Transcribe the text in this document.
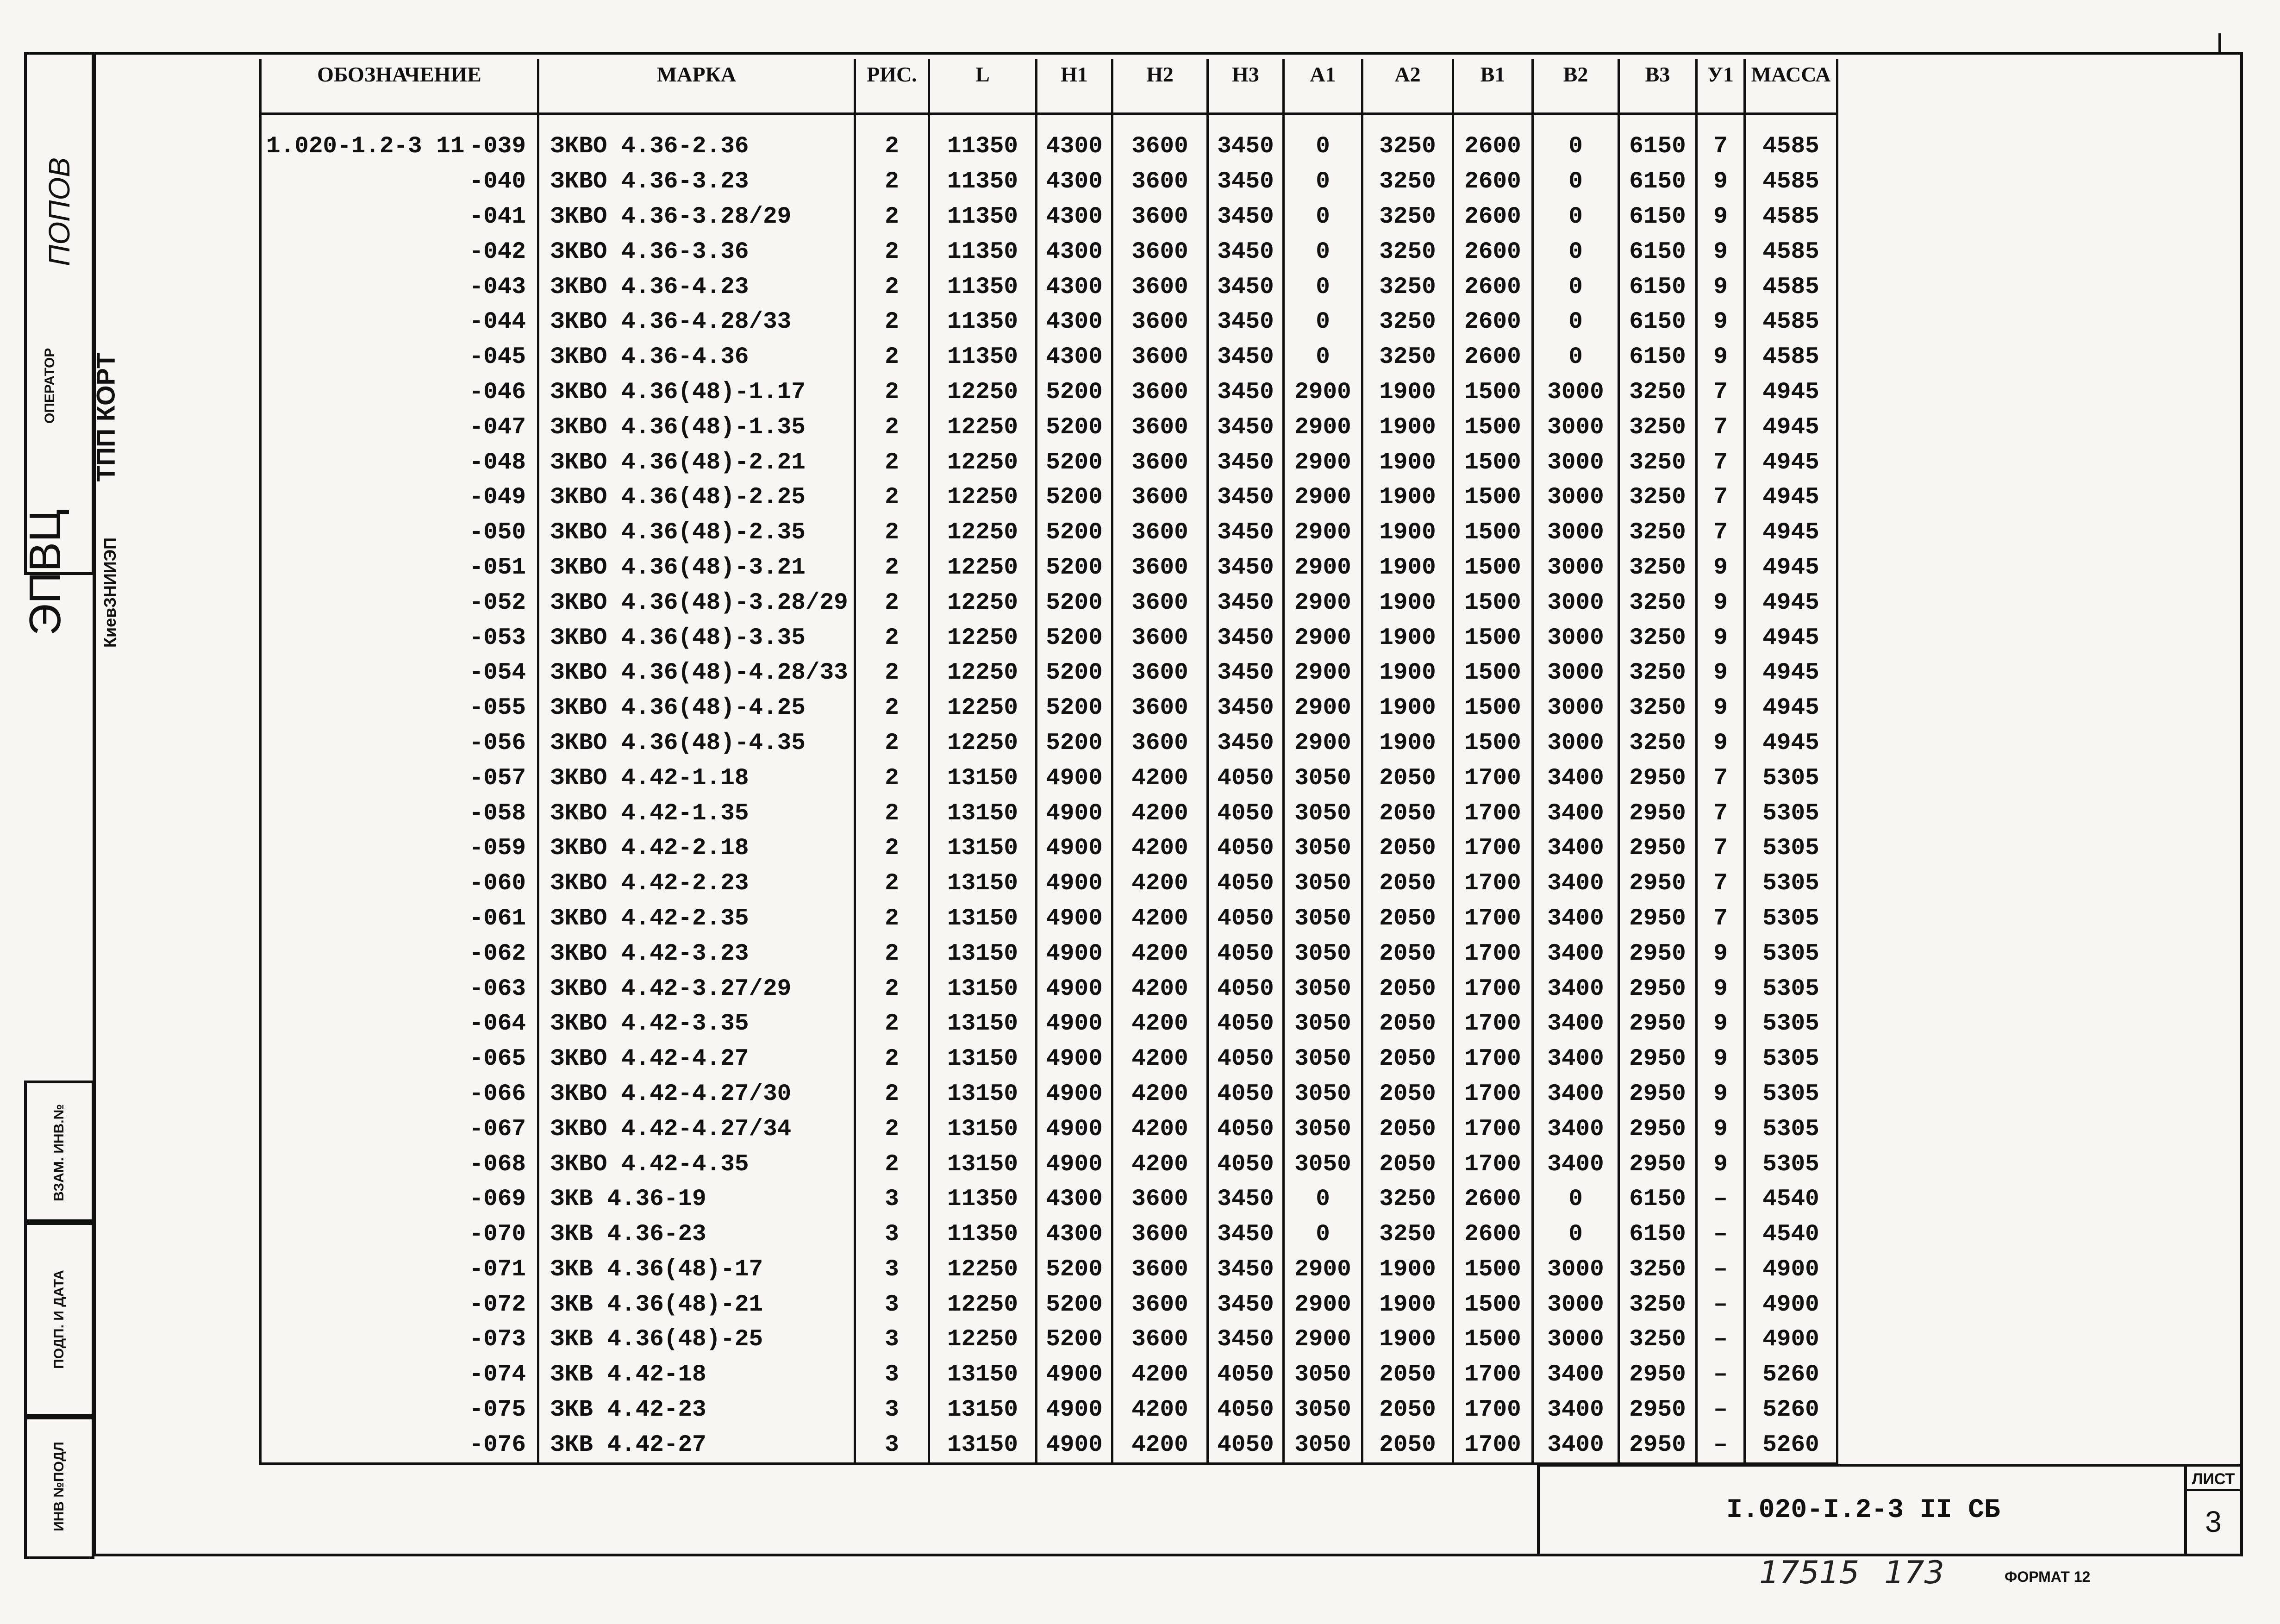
ПОПОВ
ОПЕРАТОР	ТПП КОРТ
ЭПВЦ	КиевЗНИИЭП
ВЗАМ. ИНВ.№
ПОДП. И ДАТА
ИНВ №ПОДЛ
ОБОЗНАЧЕНИЕ	МАРКА	РИС.	L	H1	H2	H3	A1	A2	B1	B2	B3	У1	МАССА

1.020-1.2-3 11 -039	ЗКВО 4.36-2.36	2	11350	4300	3600	3450	0	3250	2600	0	6150	7	4585
-040	ЗКВО 4.36-3.23	2	11350	4300	3600	3450	0	3250	2600	0	6150	9	4585
-041	ЗКВО 4.36-3.28/29	2	11350	4300	3600	3450	0	3250	2600	0	6150	9	4585
-042	ЗКВО 4.36-3.36	2	11350	4300	3600	3450	0	3250	2600	0	6150	9	4585
-043	ЗКВО 4.36-4.23	2	11350	4300	3600	3450	0	3250	2600	0	6150	9	4585
-044	ЗКВО 4.36-4.28/33	2	11350	4300	3600	3450	0	3250	2600	0	6150	9	4585
-045	ЗКВО 4.36-4.36	2	11350	4300	3600	3450	0	3250	2600	0	6150	9	4585
-046	ЗКВО 4.36(48)-1.17	2	12250	5200	3600	3450	2900	1900	1500	3000	3250	7	4945
-047	ЗКВО 4.36(48)-1.35	2	12250	5200	3600	3450	2900	1900	1500	3000	3250	7	4945
-048	ЗКВО 4.36(48)-2.21	2	12250	5200	3600	3450	2900	1900	1500	3000	3250	7	4945
-049	ЗКВО 4.36(48)-2.25	2	12250	5200	3600	3450	2900	1900	1500	3000	3250	7	4945
-050	ЗКВО 4.36(48)-2.35	2	12250	5200	3600	3450	2900	1900	1500	3000	3250	7	4945
-051	ЗКВО 4.36(48)-3.21	2	12250	5200	3600	3450	2900	1900	1500	3000	3250	9	4945
-052	ЗКВО 4.36(48)-3.28/29	2	12250	5200	3600	3450	2900	1900	1500	3000	3250	9	4945
-053	ЗКВО 4.36(48)-3.35	2	12250	5200	3600	3450	2900	1900	1500	3000	3250	9	4945
-054	ЗКВО 4.36(48)-4.28/33	2	12250	5200	3600	3450	2900	1900	1500	3000	3250	9	4945
-055	ЗКВО 4.36(48)-4.25	2	12250	5200	3600	3450	2900	1900	1500	3000	3250	9	4945
-056	ЗКВО 4.36(48)-4.35	2	12250	5200	3600	3450	2900	1900	1500	3000	3250	9	4945
-057	ЗКВО 4.42-1.18	2	13150	4900	4200	4050	3050	2050	1700	3400	2950	7	5305
-058	ЗКВО 4.42-1.35	2	13150	4900	4200	4050	3050	2050	1700	3400	2950	7	5305
-059	ЗКВО 4.42-2.18	2	13150	4900	4200	4050	3050	2050	1700	3400	2950	7	5305
-060	ЗКВО 4.42-2.23	2	13150	4900	4200	4050	3050	2050	1700	3400	2950	7	5305
-061	ЗКВО 4.42-2.35	2	13150	4900	4200	4050	3050	2050	1700	3400	2950	7	5305
-062	ЗКВО 4.42-3.23	2	13150	4900	4200	4050	3050	2050	1700	3400	2950	9	5305
-063	ЗКВО 4.42-3.27/29	2	13150	4900	4200	4050	3050	2050	1700	3400	2950	9	5305
-064	ЗКВО 4.42-3.35	2	13150	4900	4200	4050	3050	2050	1700	3400	2950	9	5305
-065	ЗКВО 4.42-4.27	2	13150	4900	4200	4050	3050	2050	1700	3400	2950	9	5305
-066	ЗКВО 4.42-4.27/30	2	13150	4900	4200	4050	3050	2050	1700	3400	2950	9	5305
-067	ЗКВО 4.42-4.27/34	2	13150	4900	4200	4050	3050	2050	1700	3400	2950	9	5305
-068	ЗКВО 4.42-4.35	2	13150	4900	4200	4050	3050	2050	1700	3400	2950	9	5305
-069	ЗКВ 4.36-19	3	11350	4300	3600	3450	0	3250	2600	0	6150	–	4540
-070	ЗКВ 4.36-23	3	11350	4300	3600	3450	0	3250	2600	0	6150	–	4540
-071	ЗКВ 4.36(48)-17	3	12250	5200	3600	3450	2900	1900	1500	3000	3250	–	4900
-072	ЗКВ 4.36(48)-21	3	12250	5200	3600	3450	2900	1900	1500	3000	3250	–	4900
-073	ЗКВ 4.36(48)-25	3	12250	5200	3600	3450	2900	1900	1500	3000	3250	–	4900
-074	ЗКВ 4.42-18	3	13150	4900	4200	4050	3050	2050	1700	3400	2950	–	5260
-075	ЗКВ 4.42-23	3	13150	4900	4200	4050	3050	2050	1700	3400	2950	–	5260
-076	ЗКВ 4.42-27	3	13150	4900	4200	4050	3050	2050	1700	3400	2950	–	5260
I.020-I.2-3 II СБ
ЛИСТ
3
17515 173	ФОРМАТ 12
